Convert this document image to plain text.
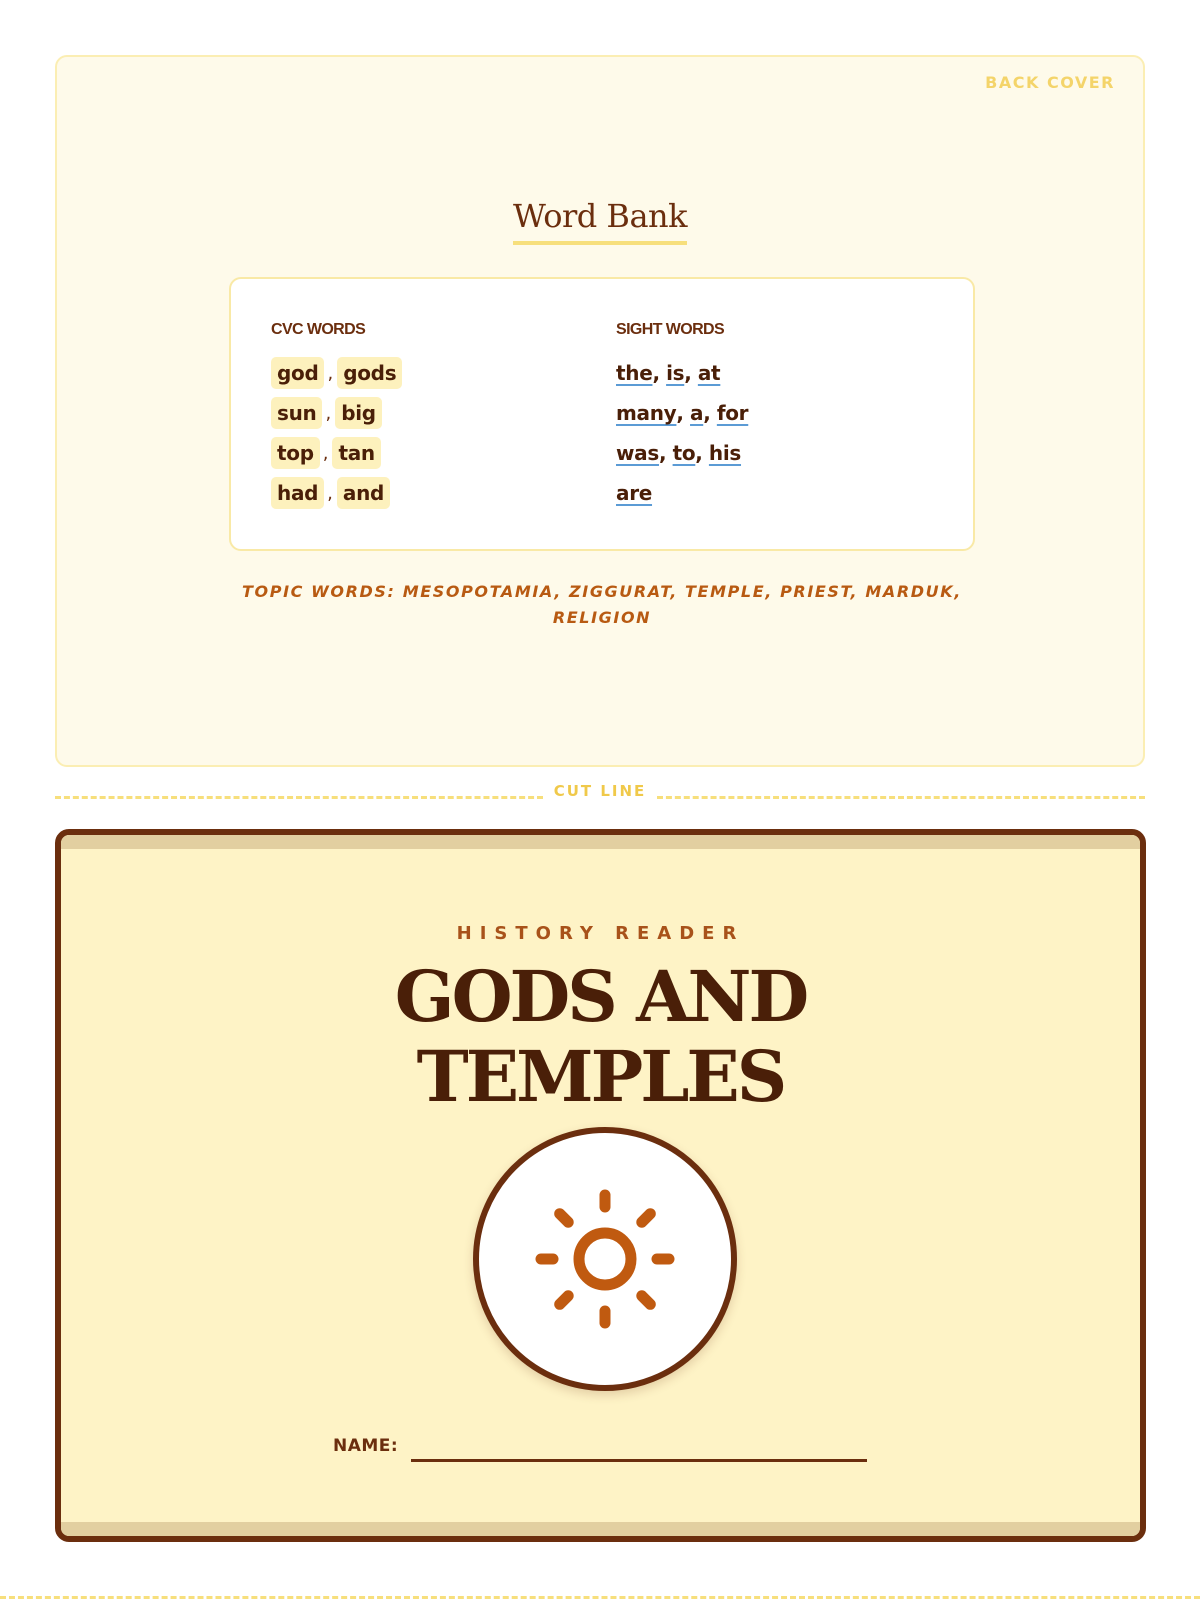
BACK COVER
Word Bank
CVC WORDS
god , gods
sun , big
top , tan
had , and
SIGHT WORDS
the , is , at
many , a , for
was , to , his
are
TOPIC WORDS: MESOPOTAMIA, ZIGGURAT, TEMPLE, PRIEST, MARDUK, RELIGION
CUT LINE
HISTORY READER
GODS AND
TEMPLES
NAME:
